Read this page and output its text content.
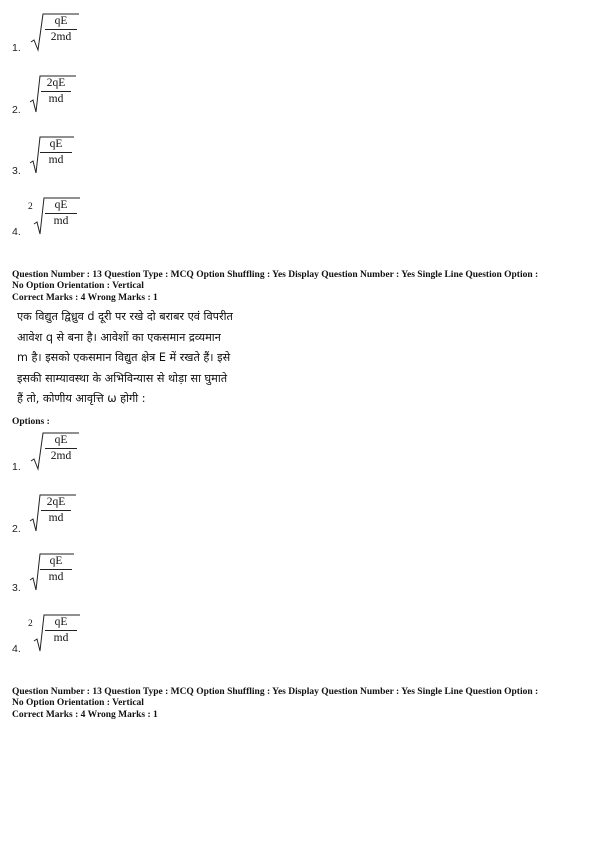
1.
qE
2md
2.
2qE
md
3.
qE
md
4.
2	qE
md
Question Number : 13 Question Type : MCQ Option Shuffling : Yes Display Question Number : Yes Single Line Question Option :
No Option Orientation : Vertical
Correct Marks : 4 Wrong Marks : 1
एक विद्युत द्विध्रुव d दूरी पर रखे दो बराबर एवं विपरीत
आवेश q से बना है। आवेशों का एकसमान द्रव्यमान
m है। इसको एकसमान विद्युत क्षेत्र E में रखते हैं। इसे
इसकी साम्यावस्था के अभिविन्यास से थोड़ा सा घुमाते
हैं तो, कोणीय आवृत्ति ω होगी :
Options :
1.
qE
2md
2.
2qE
md
3.
qE
md
4.
2	qE
md
Question Number : 13 Question Type : MCQ Option Shuffling : Yes Display Question Number : Yes Single Line Question Option :
No Option Orientation : Vertical
Correct Marks : 4 Wrong Marks : 1
